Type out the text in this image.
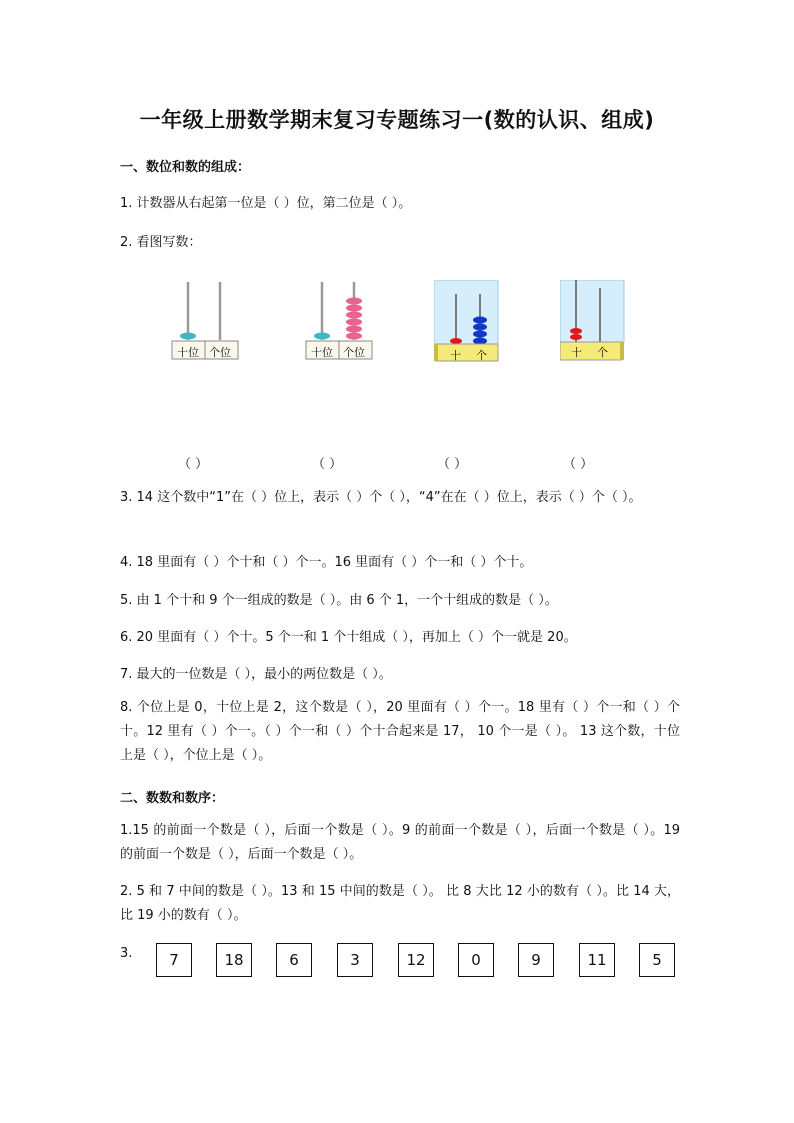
一年级上册数学期末复习专题练习一(数的认识、组成)
一、数位和数的组成：
1. 计数器从右起第一位是（ ）位，第二位是（ ）。
2. 看图写数：
十位 个位	十位 个位	十 个	十 个
（ ）	（ ）	（ ）	（ ）
3. 14 这个数中“1”在（ ）位上，表示（ ）个（ ），“4”在在（ ）位上，表示（ ）个（ ）。
4. 18 里面有（ ）个十和（ ）个一。16 里面有（ ）个一和（ ）个十。
5. 由 1 个十和 9 个一组成的数是（ ）。由 6 个 1，一个十组成的数是（ ）。
6. 20 里面有（ ）个十。5 个一和 1 个十组成（ ），再加上（ ）个一就是 20。
7. 最大的一位数是（ ），最小的两位数是（ ）。
8. 个位上是 0，十位上是 2，这个数是（ ），20 里面有（ ）个一。18 里有（ ）个一和（ ）个十。12 里有（ ）个一。（ ）个一和（ ）个十合起来是 17， 10 个一是（ ）。 13 这个数，十位上是（ ），个位上是（ ）。
二、数数和数序：
1.15 的前面一个数是（ ），后面一个数是（ ）。9 的前面一个数是（ ），后面一个数是（ ）。19 的前面一个数是（ ），后面一个数是（ ）。
2. 5 和 7 中间的数是（ ）。13 和 15 中间的数是（ ）。 比 8 大比 12 小的数有（ ）。比 14 大，比 19 小的数有（ ）。
3.	7	18	6	3	12	0	9	11	5
